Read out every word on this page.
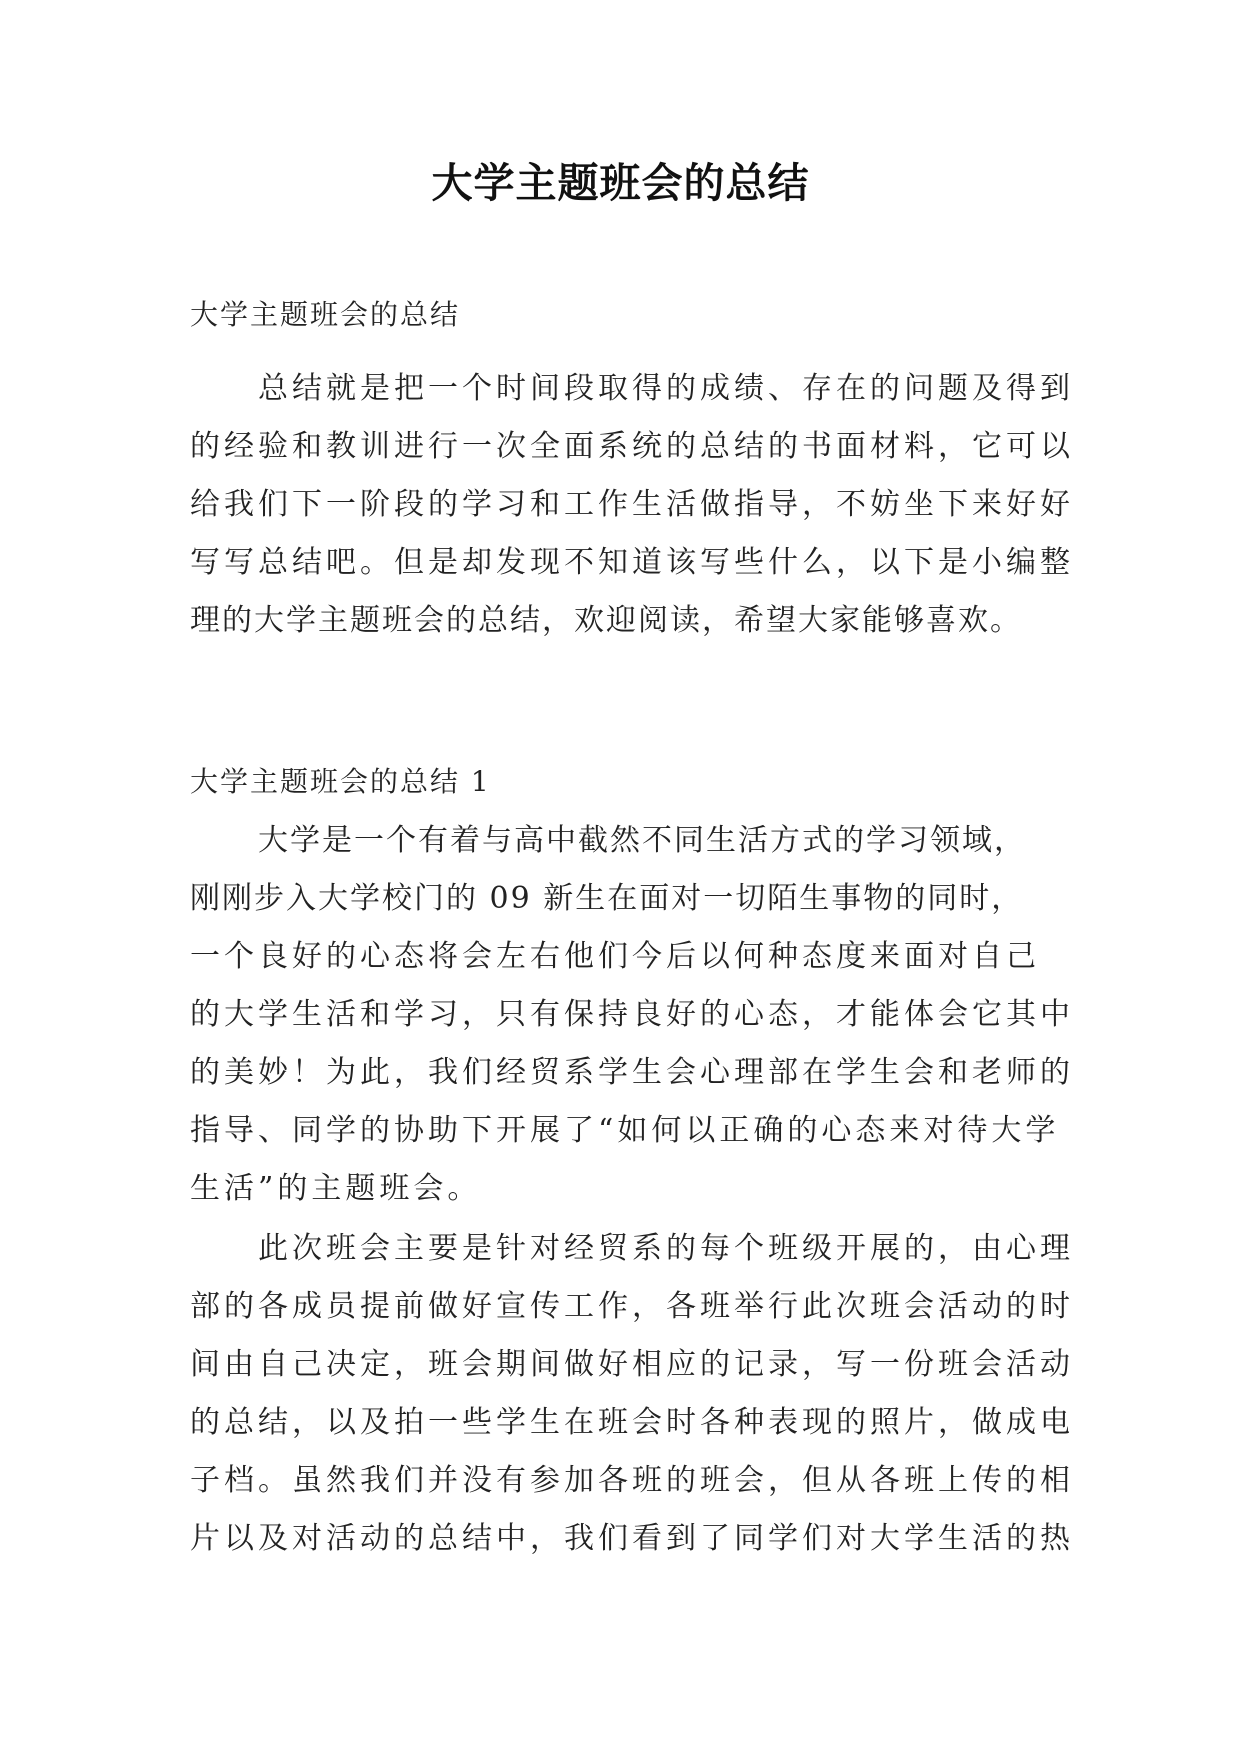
大学主题班会的总结

大学主题班会的总结

总结就是把一个时间段取得的成绩、存在的问题及得到
的经验和教训进行一次全面系统的总结的书面材料，它可以
给我们下一阶段的学习和工作生活做指导，不妨坐下来好好
写写总结吧。但是却发现不知道该写些什么，以下是小编整
理的大学主题班会的总结，欢迎阅读，希望大家能够喜欢。

大学主题班会的总结 1

大学是一个有着与高中截然不同生活方式的学习领域，
刚刚步入大学校门的 09 新生在面对一切陌生事物的同时，
一个良好的心态将会左右他们今后以何种态度来面对自己
的大学生活和学习，只有保持良好的心态，才能体会它其中
的美妙！为此，我们经贸系学生会心理部在学生会和老师的
指导、同学的协助下开展了“如何以正确的心态来对待大学
生活”的主题班会。
此次班会主要是针对经贸系的每个班级开展的，由心理
部的各成员提前做好宣传工作，各班举行此次班会活动的时
间由自己决定，班会期间做好相应的记录，写一份班会活动
的总结，以及拍一些学生在班会时各种表现的照片，做成电
子档。虽然我们并没有参加各班的班会，但从各班上传的相
片以及对活动的总结中，我们看到了同学们对大学生活的热
